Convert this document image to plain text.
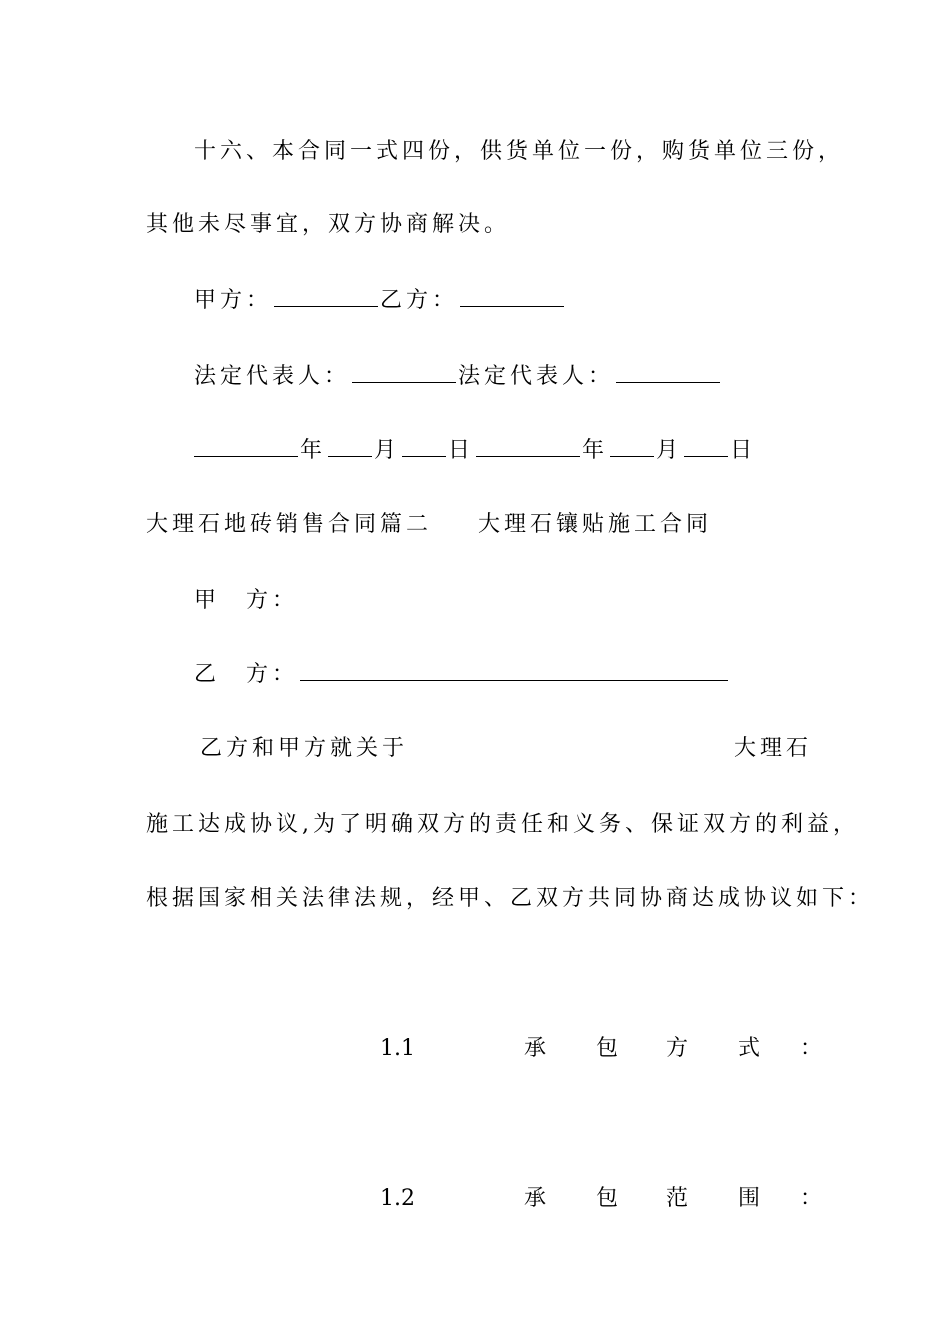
十六、本合同一式四份，供货单位一份，购货单位三份，
其他未尽事宜，双方协商解决。
甲方：	乙方：
法定代表人：	法定代表人：
年 月 日	年 月 日
大理石地砖销售合同篇二 大理石镶贴施工合同
甲　方：
乙　方：
乙方和甲方就关于	大理石
施工达成协议,为了明确双方的责任和义务、保证双方的利益，
根据国家相关法律法规，经甲、乙双方共同协商达成协议如下：
1.1	承 包 方 式 ：
1.2	承 包 范 围 ：
